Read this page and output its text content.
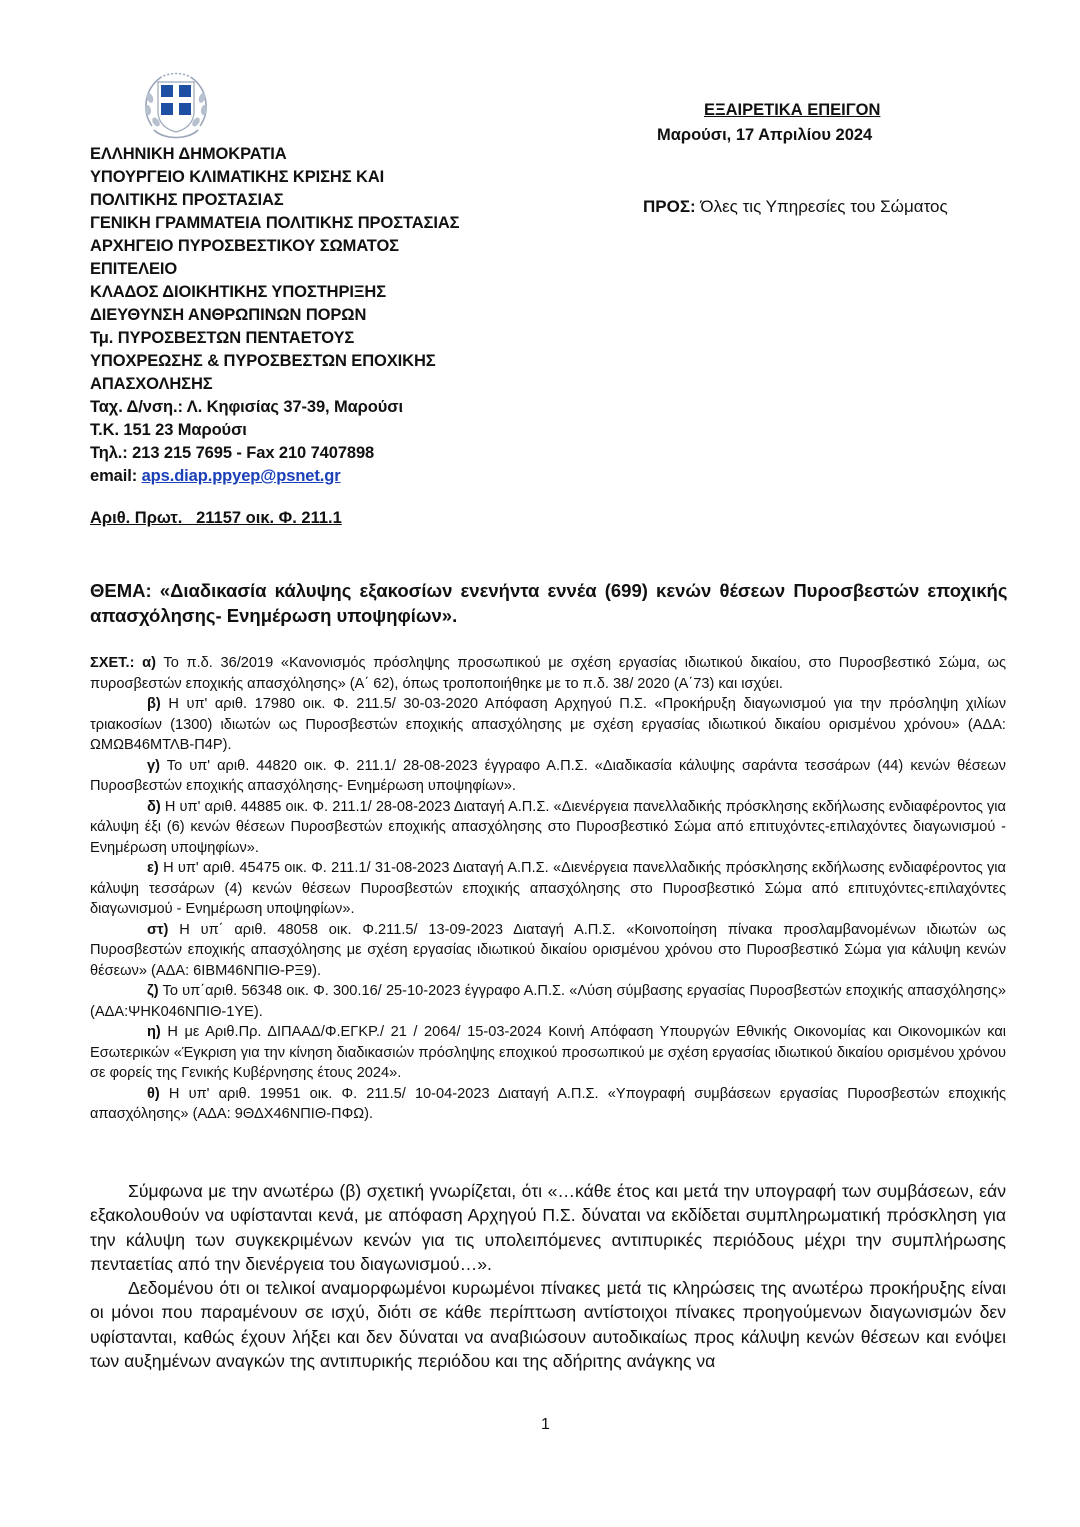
ΕΛΛΗΝΙΚΗ ΔΗΜΟΚΡΑΤΙΑ
ΥΠΟΥΡΓΕΙΟ ΚΛΙΜΑΤΙΚΗΣ ΚΡΙΣΗΣ ΚΑΙ
ΠΟΛΙΤΙΚΗΣ ΠΡΟΣΤΑΣΙΑΣ
ΓΕΝΙΚΗ ΓΡΑΜΜΑΤΕΙΑ ΠΟΛΙΤΙΚΗΣ ΠΡΟΣΤΑΣΙΑΣ
ΑΡΧΗΓΕΙΟ ΠΥΡΟΣΒΕΣΤΙΚΟΥ ΣΩΜΑΤΟΣ
ΕΠΙΤΕΛΕΙΟ
ΚΛΑΔΟΣ ΔΙΟΙΚΗΤΙΚΗΣ ΥΠΟΣΤΗΡΙΞΗΣ
ΔΙΕΥΘΥΝΣΗ ΑΝΘΡΩΠΙΝΩΝ ΠΟΡΩΝ
Τμ. ΠΥΡΟΣΒΕΣΤΩΝ ΠΕΝΤΑΕΤΟΥΣ
ΥΠΟΧΡΕΩΣΗΣ & ΠΥΡΟΣΒΕΣΤΩΝ ΕΠΟΧΙΚΗΣ
ΑΠΑΣΧΟΛΗΣΗΣ
Ταχ. Δ/νση.: Λ. Κηφισίας 37-39, Μαρούσι
Τ.Κ. 151 23 Μαρούσι
Τηλ.: 213 215 7695 - Fax 210 7407898
email: aps.diap.ppyep@psnet.gr
Αριθ. Πρωτ.   21157 οικ. Φ. 211.1
ΕΞΑΙΡΕΤΙΚΑ ΕΠΕΙΓΟΝ
Μαρούσι, 17 Απριλίου 2024
ΠΡΟΣ: Όλες τις Υπηρεσίες του Σώματος
ΘΕΜΑ: «Διαδικασία κάλυψης εξακοσίων ενενήντα εννέα (699) κενών θέσεων Πυροσβεστών εποχικής
απασχόλησης- Ενημέρωση υποψηφίων».

ΣΧΕΤ.: α) Το π.δ. 36/2019 «Κανονισμός πρόσληψης προσωπικού με σχέση εργασίας ιδιωτικού δικαίου, στο Πυροσβεστικό Σώμα, ως πυροσβεστών εποχικής απασχόλησης» (Α΄ 62), όπως τροποποιήθηκε με το π.δ. 38/ 2020 (Α΄73) και ισχύει.

β) Η υπ' αριθ. 17980 οικ. Φ. 211.5/ 30-03-2020 Απόφαση Αρχηγού Π.Σ. «Προκήρυξη διαγωνισμού για την πρόσληψη χιλίων τριακοσίων (1300) ιδιωτών ως Πυροσβεστών εποχικής απασχόλησης με σχέση εργασίας ιδιωτικού δικαίου ορισμένου χρόνου» (ΑΔΑ: ΩΜΩΒ46ΜΤΛΒ-Π4Ρ).

γ) Το υπ' αριθ. 44820 οικ. Φ. 211.1/ 28-08-2023 έγγραφο Α.Π.Σ. «Διαδικασία κάλυψης σαράντα τεσσάρων (44) κενών θέσεων Πυροσβεστών εποχικής απασχόλησης- Ενημέρωση υποψηφίων».

δ) Η υπ' αριθ. 44885 οικ. Φ. 211.1/ 28-08-2023 Διαταγή Α.Π.Σ. «Διενέργεια πανελλαδικής πρόσκλησης εκδήλωσης ενδιαφέροντος για κάλυψη έξι (6) κενών θέσεων Πυροσβεστών εποχικής απασχόλησης στο Πυροσβεστικό Σώμα από επιτυχόντες-επιλαχόντες διαγωνισμού - Ενημέρωση υποψηφίων».

ε) Η υπ' αριθ. 45475 οικ. Φ. 211.1/ 31-08-2023 Διαταγή Α.Π.Σ. «Διενέργεια πανελλαδικής πρόσκλησης εκδήλωσης ενδιαφέροντος για κάλυψη τεσσάρων (4) κενών θέσεων Πυροσβεστών εποχικής απασχόλησης στο Πυροσβεστικό Σώμα από επιτυχόντες-επιλαχόντες διαγωνισμού - Ενημέρωση υποψηφίων».

στ) Η υπ΄ αριθ. 48058 οικ. Φ.211.5/ 13-09-2023 Διαταγή Α.Π.Σ. «Κοινοποίηση πίνακα προσλαμβανομένων ιδιωτών ως Πυροσβεστών εποχικής απασχόλησης με σχέση εργασίας ιδιωτικού δικαίου ορισμένου χρόνου στο Πυροσβεστικό Σώμα για κάλυψη κενών θέσεων» (ΑΔΑ: 6ΙΒΜ46ΝΠΙΘ-ΡΞ9).

ζ) Το υπ΄αριθ. 56348 οικ. Φ. 300.16/ 25-10-2023 έγγραφο Α.Π.Σ. «Λύση σύμβασης εργασίας Πυροσβεστών εποχικής απασχόλησης» (ΑΔΑ:ΨΗΚ046ΝΠΙΘ-1ΥΕ).

η) Η με Αριθ.Πρ. ΔΙΠΑΑΔ/Φ.ΕΓΚΡ./ 21 / 2064/ 15-03-2024 Κοινή Απόφαση Υπουργών Εθνικής Οικονομίας και Οικονομικών και Εσωτερικών «Έγκριση για την κίνηση διαδικασιών πρόσληψης εποχικού προσωπικού με σχέση εργασίας ιδιωτικού δικαίου ορισμένου χρόνου σε φορείς της Γενικής Κυβέρνησης έτους 2024».

θ) Η υπ' αριθ. 19951 οικ. Φ. 211.5/ 10-04-2023 Διαταγή Α.Π.Σ. «Υπογραφή συμβάσεων εργασίας Πυροσβεστών εποχικής απασχόλησης» (ΑΔΑ: 9ΘΔΧ46ΝΠΙΘ-ΠΦΩ).

Σύμφωνα με την ανωτέρω (β) σχετική γνωρίζεται, ότι «…κάθε έτος και μετά την υπογραφή των συμβάσεων, εάν εξακολουθούν να υφίστανται κενά, με απόφαση Αρχηγού Π.Σ. δύναται να εκδίδεται συμπληρωματική πρόσκληση για την κάλυψη των συγκεκριμένων κενών για τις υπολειπόμενες αντιπυρικές περιόδους μέχρι την συμπλήρωσης πενταετίας από την διενέργεια του διαγωνισμού…».

Δεδομένου ότι οι τελικοί αναμορφωμένοι κυρωμένοι πίνακες μετά τις κληρώσεις της ανωτέρω προκήρυξης είναι οι μόνοι που παραμένουν σε ισχύ, διότι σε κάθε περίπτωση αντίστοιχοι πίνακες προηγούμενων διαγωνισμών δεν υφίστανται, καθώς έχουν λήξει και δεν δύναται να αναβιώσουν αυτοδικαίως προς κάλυψη κενών θέσεων και ενόψει των αυξημένων αναγκών της αντιπυρικής περιόδου και της αδήριτης ανάγκης να

1
